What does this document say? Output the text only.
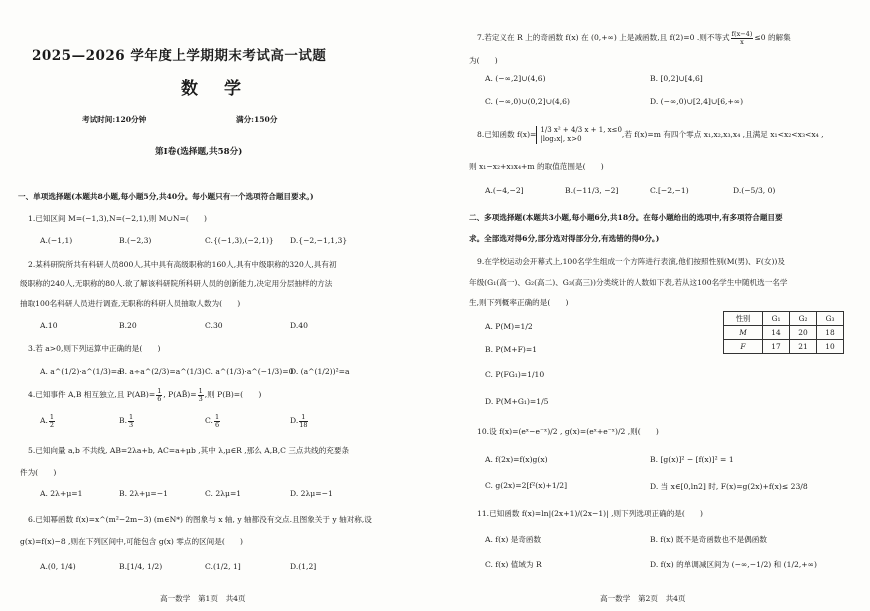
2025—2026 学年度上学期期末考试高一试题
数学
考试时间:120分钟	满分:150分
第Ⅰ卷(选择题,共58分)
一、单项选择题(本题共8小题,每小题5分,共40分。每小题只有一个选项符合题目要求。)
1.已知区间 M=(−1,3),N=(−2,1),则 M∪N=(　　)
A.(−1,1)	B.(−2,3)	C.{(−1,3),(−2,1)} D.{−2,−1,1,3}
2.某科研院所共有科研人员800人,其中具有高级职称的160人,具有中级职称的320人,具有初
级职称的240人,无职称的80人.欲了解该科研院所科研人员的创新能力,决定用分层抽样的方法
抽取100名科研人员进行调查,无职称的科研人员抽取人数为(　　)
A.10	B.20	C.30	D.40
3.若 a>0,则下列运算中正确的是(　　)
A. a^(1/2)·a^(1/3)=a
B. a÷a^(2/3)=a^(1/3) C. a^(1/3)·a^(−1/3)=0
D. (a^(1/2))²=a
4.已知事件 A,B 相互独立,且 $P(AB)= \frac{1}{6}$ , P(AB̄)= $\frac{1}{3}$ ,则 P(B)=(　　)
A. $\frac{1}{2}$	B. $\frac{1}{3}$	C. $\frac{1}{6}$	D. $\frac{1}{18}$
5.已知向量 a,b 不共线, AB=2λa+b, AC=a+μb ,其中 λ,μ∈R ,那么 A,B,C 三点共线的充要条
件为(　　)
A. 2λ+μ=1	B. 2λ+μ=−1	C. 2λμ=1	D. 2λμ=−1
6.已知幂函数 f(x)=x^(m²−2m−3) (m∈N*) 的图象与 x 轴, y 轴都没有交点.且图象关于 y 轴对称,设
g(x)=f(x)−8 ,则在下列区间中,可能包含 g(x) 零点的区间是(　　)
A.(0, 1/4)	B.[1/4, 1/2)	C.(1/2, 1]	D.(1,2]
高一数学　第1页　共4页
7.若定义在 R 上的奇函数 f(x) 在 (0,+∞) 上是减函数,且 f(2)=0 .则不等式 $\frac{f(x-4)}{x} \le 0$ 的解集
为(　　)
A. (−∞,2]∪(4,6)	B. [0,2]∪[4,6]
C. (−∞,0)∪(0,2]∪(4,6)	D. (−∞,0)∪[2,4]∪[6,+∞)
8.已知函数 f(x)=
1/3 x² + 4/3 x + 1, x≤0
|log₂x|, x>0	,若 f(x)=m 有四个零点 x₁,x₂,x₃,x₄ ,且满足 x₁<x₂<x₃<x₄ ,
则 x₁−x₂+x₃x₄+m 的取值范围是(　　)
A.(−4,−2]	B.(−11/3, −2]	C.[−2,−1)	D.(−5/3, 0)
二、多项选择题(本题共3小题,每小题6分,共18分。在每小题给出的选项中,有多项符合题目要
求。全部选对得6分,部分选对得部分分,有选错的得0分。)
9.在学校运动会开幕式上,100名学生组成一个方阵进行表演,他们按照性别(M(男)、F(女))及
年级(G₁(高一)、G₂(高二)、G₃(高三))分类统计的人数如下表,若从这100名学生中随机选一名学
生,则下列概率正确的是(　　)
A. P(M)=1/2
B. P(M+F)=1
C. P(FG₁)=1/10
D. P(M+G₁)=1/5
性别	G₁	G₂	G₃
M	14	20	18
F	17	21	10
10.设 f(x)=(eˣ−e⁻ˣ)/2 , g(x)=(eˣ+e⁻ˣ)/2 ,则(　　)
A. f(2x)=f(x)g(x)	B. [g(x)]² − [f(x)]² = 1
C. g(2x)=2[f²(x)+1/2]	D. 当 x∈[0,ln2] 时, F(x)=g(2x)+f(x)≤ 23/8
11.已知函数 f(x)=ln|(2x+1)/(2x−1)| ,则下列选项正确的是(　　)
A. f(x) 是奇函数	B. f(x) 既不是奇函数也不是偶函数
C. f(x) 值域为 R	D. f(x) 的单调减区间为 (−∞,−1/2) 和 (1/2,+∞)
高一数学　第2页　共4页
